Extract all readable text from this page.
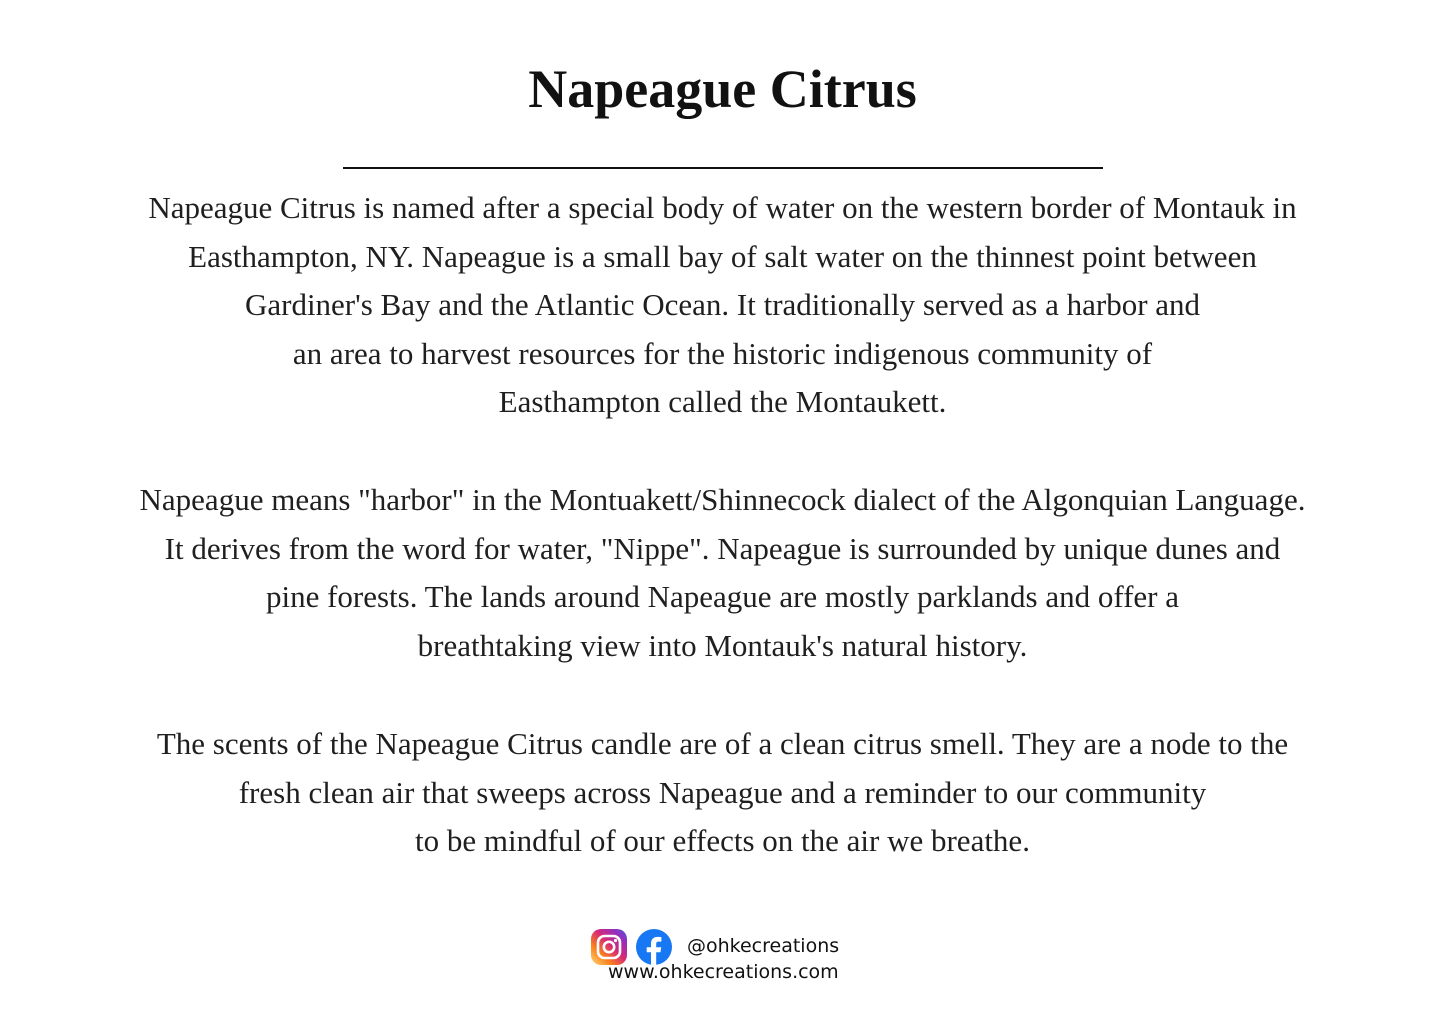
Napeague Citrus

Napeague Citrus is named after a special body of water on the western border of Montauk in
Easthampton, NY. Napeague is a small bay of salt water on the thinnest point between
Gardiner's Bay and the Atlantic Ocean. It traditionally served as a harbor and
an area to harvest resources for the historic indigenous community of
Easthampton called the Montaukett.

Napeague means "harbor" in the Montuakett/Shinnecock dialect of the Algonquian Language.
It derives from the word for water, "Nippe". Napeague is surrounded by unique dunes and
pine forests. The lands around Napeague are mostly parklands and offer a
breathtaking view into Montauk's natural history.

The scents of the Napeague Citrus candle are of a clean citrus smell. They are a node to the
fresh clean air that sweeps across Napeague and a reminder to our community
to be mindful of our effects on the air we breathe.

@ohkecreations
www.ohkecreations.com
